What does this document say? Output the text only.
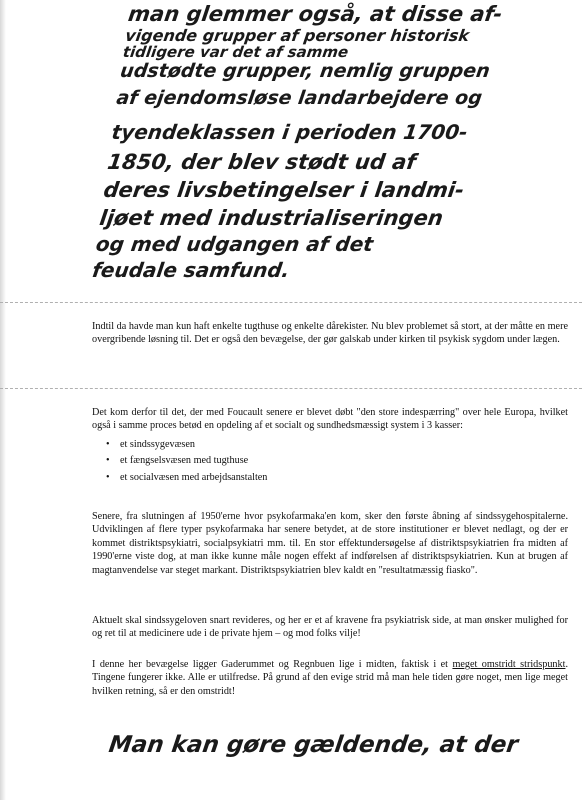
man glemmer også, at disse af-
vigende grupper af personer historisk
tidligere var det af samme
udstødte grupper, nemlig gruppen
af ejendomsløse landarbejdere og
tyendeklassen i perioden 1700-
1850, der blev stødt ud af
deres livsbetingelser i landmi-
ljøet med industrialiseringen
og med udgangen af det
feudale samfund.

Indtil da havde man kun haft enkelte tugthuse og enkelte dårekister. Nu blev problemet så stort, at der måtte en mere overgribende løsning til. Det er også den bevægelse, der gør galskab under kirken til psykisk sygdom under lægen.

Det kom derfor til det, der med Foucault senere er blevet døbt "den store indespærring" over hele Europa, hvilket også i samme proces betød en opdeling af et socialt og sundhedsmæssigt system i 3 kasser:

• et sindssygevæsen
• et fængselsvæsen med tugthuse
• et socialvæsen med arbejdsanstalten

Senere, fra slutningen af 1950'erne hvor psykofarmaka'en kom, sker den første åbning af sindssygehospitalerne. Udviklingen af flere typer psykofarmaka har senere betydet, at de store institutioner er blevet nedlagt, og der er kommet distriktspsykiatri, socialpsykiatri mm. til. En stor effektundersøgelse af distriktspsykiatrien fra midten af 1990'erne viste dog, at man ikke kunne måle nogen effekt af indførelsen af distriktspsykiatrien. Kun at brugen af magtanvendelse var steget markant. Distriktspsykiatrien blev kaldt en "resultatmæssig fiasko".

Aktuelt skal sindssygeloven snart revideres, og her er et af kravene fra psykiatrisk side, at man ønsker mulighed for og ret til at medicinere ude i de private hjem – og mod folks vilje!

I denne her bevægelse ligger Gaderummet og Regnbuen lige i midten, faktisk i et meget omstridt stridspunkt. Tingene fungerer ikke. Alle er utilfredse. På grund af den evige strid må man hele tiden gøre noget, men lige meget hvilken retning, så er den omstridt!

Man kan gøre gældende, at der
